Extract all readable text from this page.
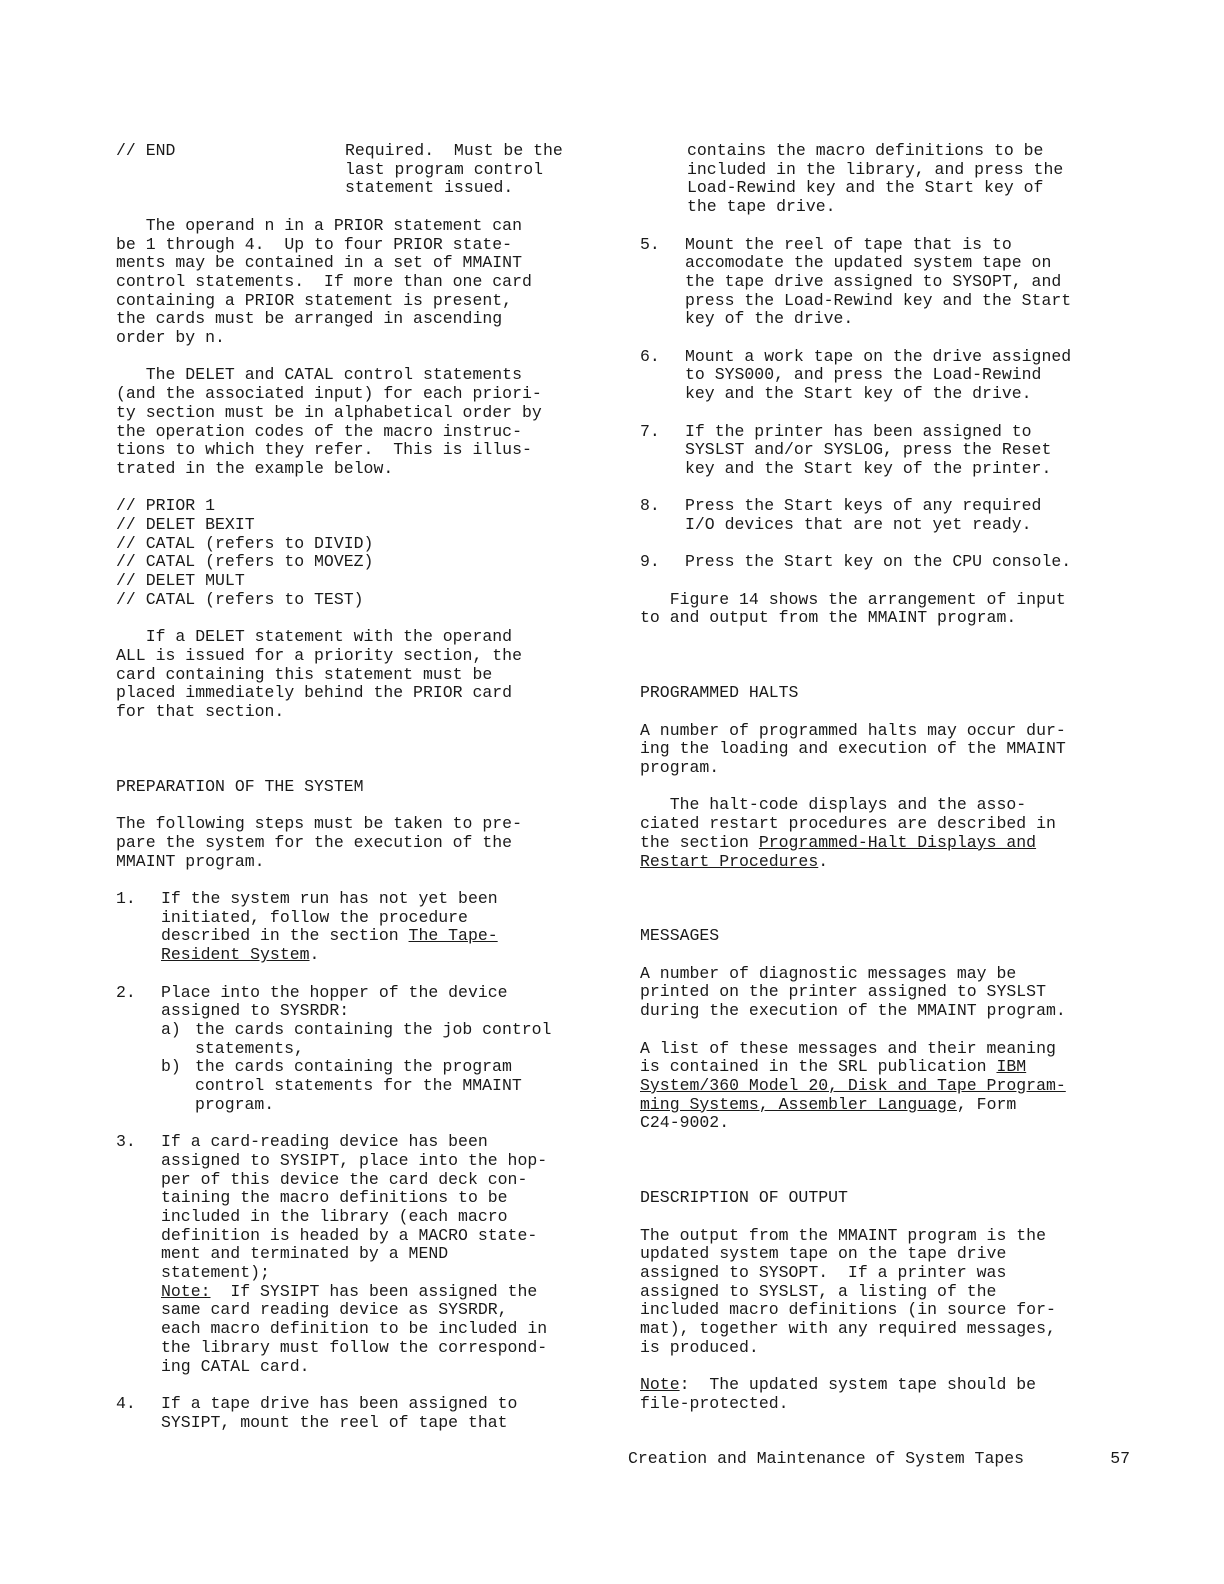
// END	Required.  Must be the
last program control
statement issued.
The operand n in a PRIOR statement can
be 1 through 4.  Up to four PRIOR state-
ments may be contained in a set of MMAINT
control statements.  If more than one card
containing a PRIOR statement is present,
the cards must be arranged in ascending
order by n.
The DELET and CATAL control statements
(and the associated input) for each priori-
ty section must be in alphabetical order by
the operation codes of the macro instruc-
tions to which they refer.  This is illus-
trated in the example below.
// PRIOR 1
// DELET BEXIT
// CATAL (refers to DIVID)
// CATAL (refers to MOVEZ)
// DELET MULT
// CATAL (refers to TEST)
If a DELET statement with the operand
ALL is issued for a priority section, the
card containing this statement must be
placed immediately behind the PRIOR card
for that section.
PREPARATION OF THE SYSTEM
The following steps must be taken to pre-
pare the system for the execution of the
MMAINT program.
1.	If the system run has not yet been
initiated, follow the procedure
described in the section The Tape-
Resident System.
2.	Place into the hopper of the device
assigned to SYSRDR:
a) the cards containing the job control
statements,
b) the cards containing the program
control statements for the MMAINT
program.
3.	If a card-reading device has been
assigned to SYSIPT, place into the hop-
per of this device the card deck con-
taining the macro definitions to be
included in the library (each macro
definition is headed by a MACRO state-
ment and terminated by a MEND
statement);
Note:  If SYSIPT has been assigned the
same card reading device as SYSRDR,
each macro definition to be included in
the library must follow the correspond-
ing CATAL card.
4.	If a tape drive has been assigned to
SYSIPT, mount the reel of tape that
contains the macro definitions to be
included in the library, and press the
Load-Rewind key and the Start key of
the tape drive.
5.	Mount the reel of tape that is to
accomodate the updated system tape on
the tape drive assigned to SYSOPT, and
press the Load-Rewind key and the Start
key of the drive.
6.	Mount a work tape on the drive assigned
to SYS000, and press the Load-Rewind
key and the Start key of the drive.
7.	If the printer has been assigned to
SYSLST and/or SYSLOG, press the Reset
key and the Start key of the printer.
8.	Press the Start keys of any required
I/O devices that are not yet ready.
9.	Press the Start key on the CPU console.
Figure 14 shows the arrangement of input
to and output from the MMAINT program.
PROGRAMMED HALTS
A number of programmed halts may occur dur-
ing the loading and execution of the MMAINT
program.
The halt-code displays and the asso-
ciated restart procedures are described in
the section Programmed-Halt Displays and
Restart Procedures.
MESSAGES
A number of diagnostic messages may be
printed on the printer assigned to SYSLST
during the execution of the MMAINT program.
A list of these messages and their meaning
is contained in the SRL publication IBM
System/360 Model 20, Disk and Tape Program-
ming Systems, Assembler Language, Form
C24-9002.
DESCRIPTION OF OUTPUT
The output from the MMAINT program is the
updated system tape on the tape drive
assigned to SYSOPT.  If a printer was
assigned to SYSLST, a listing of the
included macro definitions (in source for-
mat), together with any required messages,
is produced.
Note:  The updated system tape should be
file-protected.
Creation and Maintenance of System Tapes	57
